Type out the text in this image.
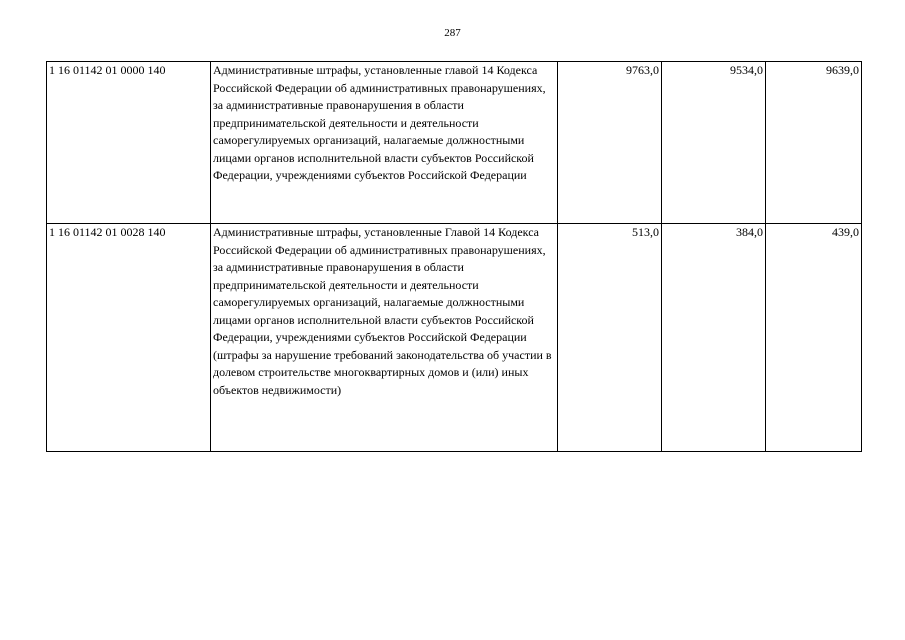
287
1 16 01142 01 0000 140	Административные штрафы, установленные главой 14 Кодекса Российской Федерации об административных правонарушениях, за административные правонарушения в области предпринимательской деятельности и деятельности саморегулируемых организаций, налагаемые должностными лицами органов исполнительной власти субъектов Российской Федерации, учреждениями субъектов Российской Федерации	9763,0	9534,0	9639,0
1 16 01142 01 0028 140	Административные штрафы, установленные Главой 14 Кодекса Российской Федерации об административных правонарушениях, за административные правонарушения в области предпринимательской деятельности и деятельности саморегулируемых организаций, налагаемые должностными лицами органов исполнительной власти субъектов Российской Федерации, учреждениями субъектов Российской Федерации (штрафы за нарушение требований законодательства об участии в долевом строительстве многоквартирных домов и (или) иных объектов недвижимости)	513,0	384,0	439,0
